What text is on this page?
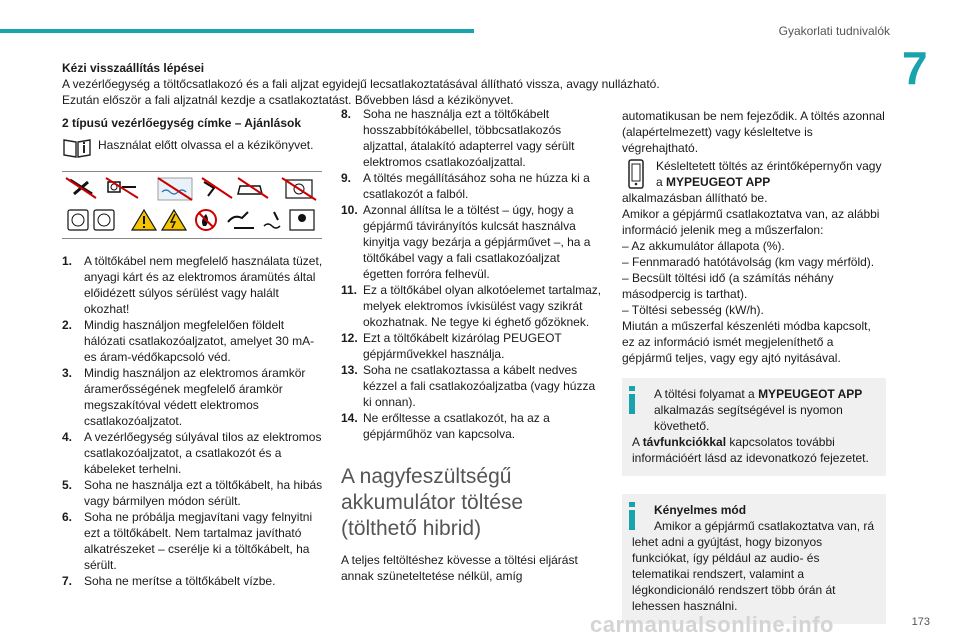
Gyakorlati tudnivalók
7
Kézi visszaállítás lépései
A vezérlőegység a töltőcsatlakozó és a fali aljzat egyidejű lecsatlakoztatásával állítható vissza, avagy nullázható.
Ezután először a fali aljzatnál kezdje a csatlakoztatást. Bővebben lásd a kézikönyvet.
2 típusú vezérlőegység címke – Ajánlások
Használat előtt olvassa el a kézikönyvet.
1. A töltőkábel nem megfelelő használata tüzet, anyagi kárt és az elektromos áramütés által előidézett súlyos sérülést vagy halált okozhat!
2. Mindig használjon megfelelően földelt hálózati csatlakozóaljzatot, amelyet 30 mA-es áram-védőkapcsoló véd.
3. Mindig használjon az elektromos áramkör áramerősségének megfelelő áramkör megszakítóval védett elektromos csatlakozóaljzatot.
4. A vezérlőegység súlyával tilos az elektromos csatlakozóaljzatot, a csatlakozót és a kábeleket terhelni.
5. Soha ne használja ezt a töltőkábelt, ha hibás vagy bármilyen módon sérült.
6. Soha ne próbálja megjavítani vagy felnyitni ezt a töltőkábelt. Nem tartalmaz javítható alkatrészeket – cserélje ki a töltőkábelt, ha sérült.
7. Soha ne merítse a töltőkábelt vízbe.
8. Soha ne használja ezt a töltőkábelt hosszabbítókábellel, többcsatlakozós aljzattal, átalakító adapterrel vagy sérült elektromos csatlakozóaljzattal.
9. A töltés megállításához soha ne húzza ki a csatlakozót a falból.
10. Azonnal állítsa le a töltést – úgy, hogy a gépjármű távirányítós kulcsát használva kinyitja vagy bezárja a gépjárművet –, ha a töltőkábel vagy a fali csatlakozóaljzat égetten forróra felhevül.
11. Ez a töltőkábel olyan alkotóelemet tartalmaz, melyek elektromos ívkisülést vagy szikrát okozhatnak. Ne tegye ki éghető gőzöknek.
12. Ezt a töltőkábelt kizárólag PEUGEOT gépjárművekkel használja.
13. Soha ne csatlakoztassa a kábelt nedves kézzel a fali csatlakozóaljzatba (vagy húzza ki onnan).
14. Ne erőltesse a csatlakozót, ha az a gépjárműhöz van kapcsolva.
A nagyfeszültségű
akkumulátor töltése
(tölthető hibrid)
A teljes feltöltéshez kövesse a töltési eljárást annak szüneteltetése nélkül, amíg
automatikusan be nem fejeződik. A töltés azonnal (alapértelmezett) vagy késleltetve is végrehajtható.
Késleltetett töltés az érintőképernyőn vagy a MYPEUGEOT APP
alkalmazásban állítható be.
Amikor a gépjármű csatlakoztatva van, az alábbi információ jelenik meg a műszerfalon:
– Az akkumulátor állapota (%).
– Fennmaradó hatótávolság (km vagy mérföld).
– Becsült töltési idő (a számítás néhány másodpercig is tarthat).
– Töltési sebesség (kW/h).
Miután a műszerfal készenléti módba kapcsolt, ez az információ ismét megjeleníthető a gépjármű teljes, vagy egy ajtó nyitásával.
A töltési folyamat a MYPEUGEOT APP alkalmazás segítségével is nyomon követhető.
A távfunkciókkal kapcsolatos további információért lásd az idevonatkozó fejezetet.
Kényelmes mód
Amikor a gépjármű csatlakoztatva van, rá lehet adni a gyújtást, hogy bizonyos funkciókat, így például az audio- és telematikai rendszert, valamint a légkondicionáló rendszert több órán át lehessen használni.
carmanualsonline.info	173
